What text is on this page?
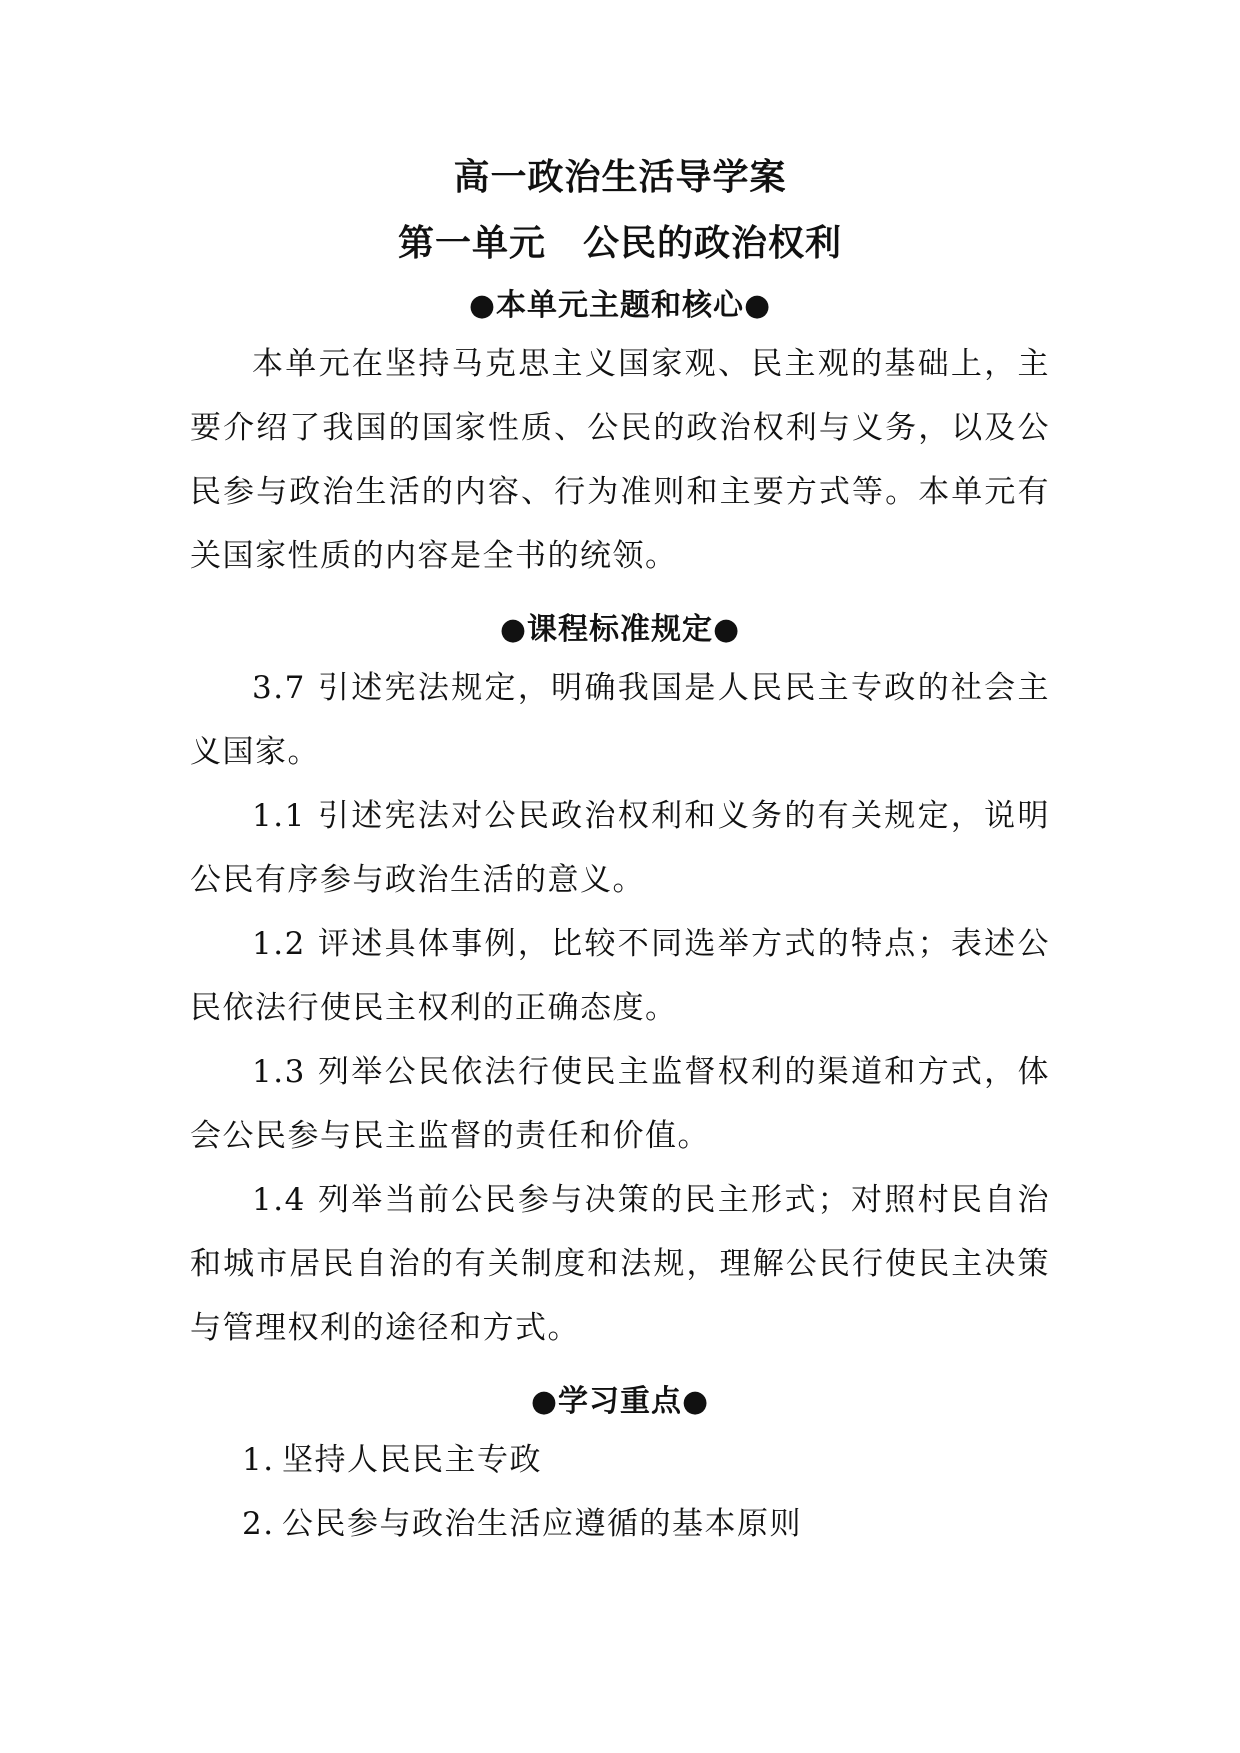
高一政治生活导学案
第一单元　公民的政治权利
●本单元主题和核心●

本单元在坚持马克思主义国家观、民主观的基础上，主要介绍了我国的国家性质、公民的政治权利与义务，以及公民参与政治生活的内容、行为准则和主要方式等。本单元有关国家性质的内容是全书的统领。

●课程标准规定●

3.7 引述宪法规定，明确我国是人民民主专政的社会主义国家。

1.1 引述宪法对公民政治权利和义务的有关规定，说明公民有序参与政治生活的意义。

1.2 评述具体事例，比较不同选举方式的特点；表述公民依法行使民主权利的正确态度。

1.3 列举公民依法行使民主监督权利的渠道和方式，体会公民参与民主监督的责任和价值。

1.4 列举当前公民参与决策的民主形式；对照村民自治和城市居民自治的有关制度和法规，理解公民行使民主决策与管理权利的途径和方式。

●学习重点●

1. 坚持人民民主专政

2. 公民参与政治生活应遵循的基本原则
